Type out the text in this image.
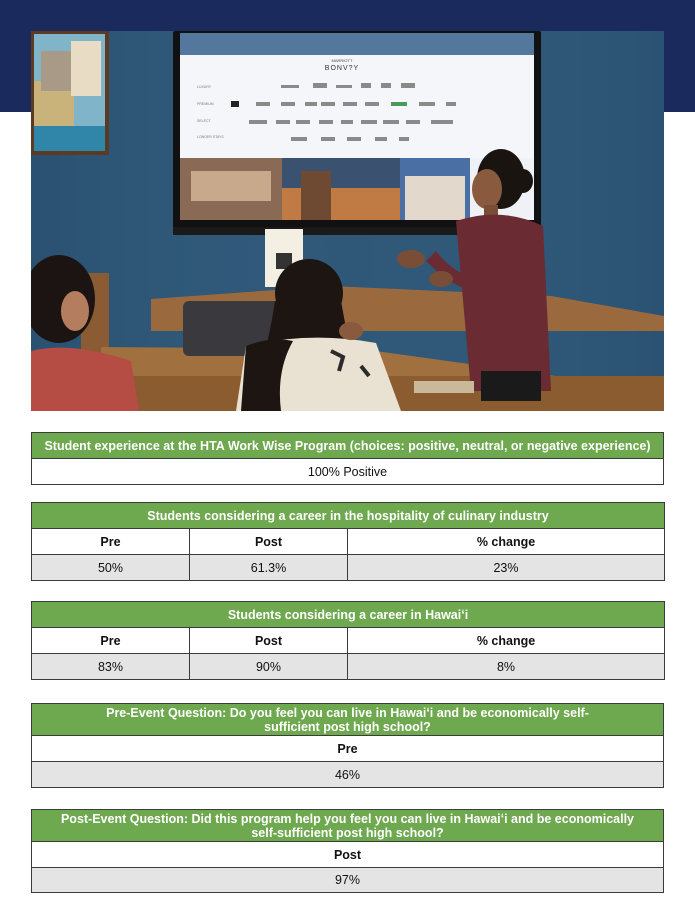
MARRIOTT
BONV?Y
LUXURY
PREMIUM
SELECT
LONGER STAYS
Student experience at the HTA Work Wise Program (choices: positive, neutral, or negative experience)
100% Positive
Students considering a career in the hospitality of culinary industry		
Pre	Post	% change
50%	61.3%	23%
Students considering a career in Hawaiʻi		
Pre	Post	% change
83%	90%	8%
Pre-Event Question: Do you feel you can live in Hawaiʻi and be economically self-sufficient post high school?
Pre
46%
Post-Event Question: Did this program help you feel you can live in Hawaiʻi and be economically self-sufficient post high school?
Post
97%
